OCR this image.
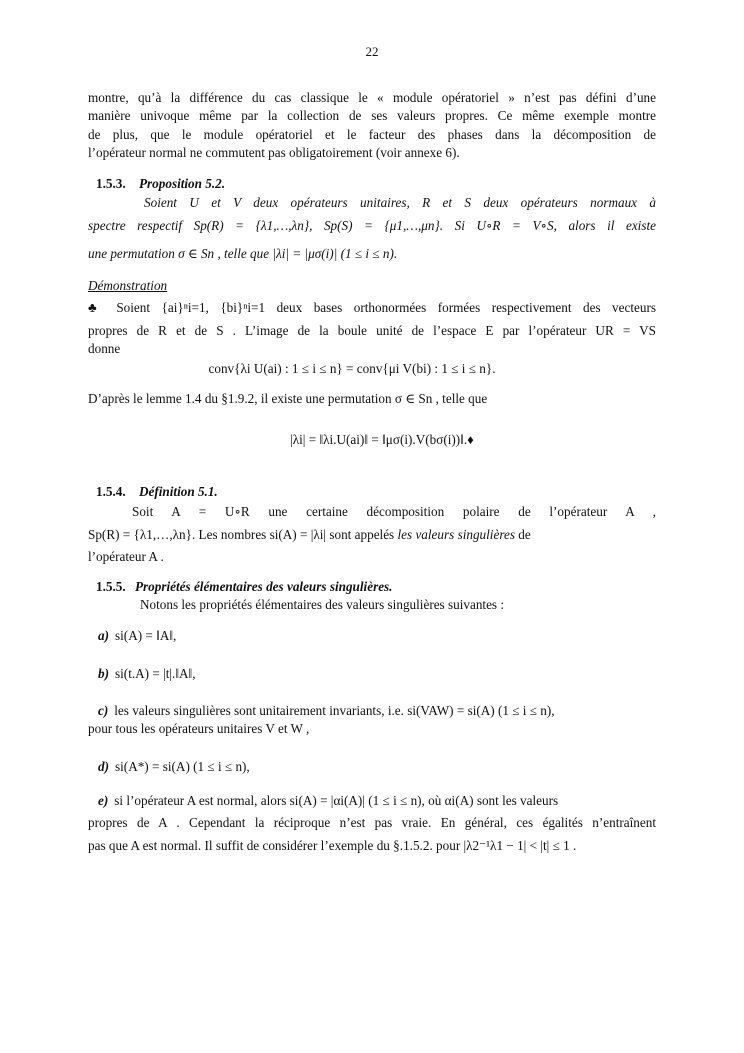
22

montre, qu’à la différence du cas classique le « module opératoriel » n’est pas défini d’une

manière univoque même par la collection de ses valeurs propres. Ce même exemple montre

de plus, que le module opératoriel et le facteur des phases dans la décomposition de

l’opérateur normal ne commutent pas obligatoirement (voir annexe 6).

1.5.3. Proposition 5.2.

Soient U et V deux opérateurs unitaires, R et S deux opérateurs normaux à

spectre respectif Sp(R) = {λ1,…,λn}, Sp(S) = {μ1,…,μn}. Si U∘R = V∘S, alors il existe

une permutation σ ∈ Sn , telle que |λi| = |μσ(i)| (1 ≤ i ≤ n).

Démonstration

♣ Soient {ai}ⁿi=1, {bi}ⁿi=1 deux bases orthonormées formées respectivement des vecteurs

propres de R et de S . L’image de la boule unité de l’espace E par l’opérateur UR = VS

donne

conv{λi U(ai) : 1 ≤ i ≤ n} = conv{μi V(bi) : 1 ≤ i ≤ n}.

D’après le lemme 1.4 du §1.9.2, il existe une permutation σ ∈ Sn , telle que

|λi| = ‖λi.U(ai)‖ = ‖μσ(i).V(bσ(i))‖.♦

1.5.4. Définition 5.1.

Soit A = U∘R une certaine décomposition polaire de l’opérateur A ,

Sp(R) = {λ1,…,λn}. Les nombres si(A) = |λi| sont appelés les valeurs singulières de

l’opérateur A .

1.5.5. Propriétés élémentaires des valeurs singulières.

Notons les propriétés élémentaires des valeurs singulières suivantes :

a) si(A) = ‖A‖,

b) si(t.A) = |t|.‖A‖,

c) les valeurs singulières sont unitairement invariants, i.e. si(VAW) = si(A) (1 ≤ i ≤ n),

pour tous les opérateurs unitaires V et W ,

d) si(A*) = si(A) (1 ≤ i ≤ n),

e) si l’opérateur A est normal, alors si(A) = |αi(A)| (1 ≤ i ≤ n), où αi(A) sont les valeurs

propres de A . Cependant la réciproque n’est pas vraie. En général, ces égalités n’entraînent

pas que A est normal. Il suffit de considérer l’exemple du §.1.5.2. pour |λ2⁻¹λ1 − 1| < |t| ≤ 1 .
